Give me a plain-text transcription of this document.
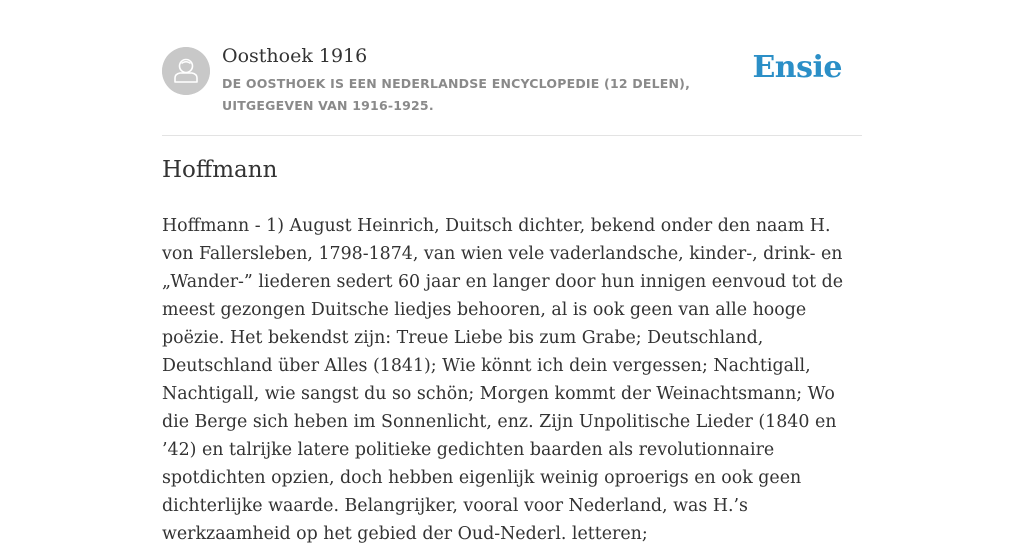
Oosthoek 1916
DE OOSTHOEK IS EEN NEDERLANDSE ENCYCLOPEDIE (12 DELEN), UITGEGEVEN VAN 1916-1925.
Ensie
Hoffmann

Hoffmann - 1) August Heinrich, Duitsch dichter, bekend onder den naam H. von Fallersleben, 1798-1874, van wien vele vaderlandsche, kinder-, drink- en „Wander-” liederen sedert 60 jaar en langer door hun innigen eenvoud tot de meest gezongen Duitsche liedjes behooren, al is ook geen van alle hooge poëzie. Het bekendst zijn: Treue Liebe bis zum Grabe; Deutschland, Deutschland über Alles (1841); Wie könnt ich dein vergessen; Nachtigall, Nachtigall, wie sangst du so schön; Morgen kommt der Weinachtsmann; Wo die Berge sich heben im Sonnenlicht, enz. Zijn Unpolitische Lieder (1840 en ’42) en talrijke latere politieke gedichten baarden als revolutionnaire spotdichten opzien, doch hebben eigenlijk weinig oproerigs en ook geen dichterlijke waarde. Belangrijker, vooral voor Nederland, was H.’s werkzaamheid op het gebied der Oud-Nederl. letteren;
